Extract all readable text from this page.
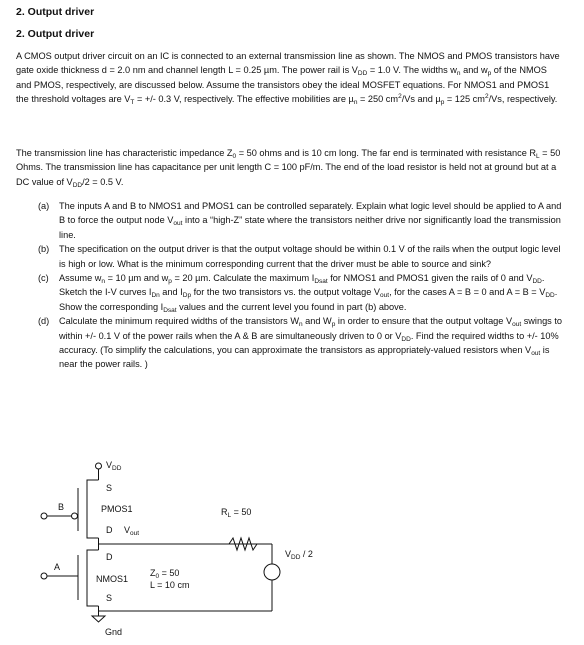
2. Output driver
2. Output driver
A CMOS output driver circuit on an IC is connected to an external transmission line as shown. The NMOS and PMOS transistors have gate oxide thickness d = 2.0 nm and channel length L = 0.25 µm. The power rail is $V_{DD} = 1.0$ V. The widths $w_n$ and $w_p$ of the NMOS and PMOS, respectively, are discussed below. Assume the transistors obey the ideal MOSFET equations. For NMOS1 and PMOS1 the threshold voltages are $V_T$ = +/- 0.3 V, respectively. The effective mobilities are µ$_n$ = 250 $cm^2/Vs$ and µ$_p$ = 125 $cm^2/Vs$, respectively.
The transmission line has characteristic impedance $Z_0 = 50$ ohms and is 10 cm long. The far end is terminated with resistance $R_L = 50$ Ohms. The transmission line has capacitance per unit length C = 100 pF/m. The end of the load resistor is held not at ground but at a DC value of $V_{DD}/2 = 0.5$ V.
(a)	The inputs A and B to NMOS1 and PMOS1 can be controlled separately. Explain what logic level should be applied to A and B to force the output node $V_{out}$ into a “high-Z” state where the transistors neither drive nor significantly load the transmission line.
(b)	The specification on the output driver is that the output voltage should be within 0.1 V of the rails when the output logic level is high or low. What is the minimum corresponding current that the driver must be able to source and sink?
(c)	Assume $w_n = 10$ µm and $w_p = 20$ µm. Calculate the maximum $I_{Dsat}$ for NMOS1 and PMOS1 given the rails of 0 and $V_{DD}$. Sketch the I-V curves $I_{Dn}$ and $I_{Dp}$ for the two transistors vs. the output voltage $V_{out}$, for the cases A = B = 0 and $A = B = V_{DD}$. Show the corresponding $I_{Dsat}$ values and the current level you found in part (b) above.
(d)	Calculate the minimum required widths of the transistors $W_n$ and $W_p$ in order to ensure that the output voltage $V_{out}$ swings to within +/- 0.1 V of the power rails when the A & B are simultaneously driven to 0 or $V_{DD}$. Find the required widths to +/- 10% accuracy. (To simplify the calculations, you can approximate the transistors as appropriately-valued resistors when $V_{out}$ is near the power rails. )
$V_{DD}$
S
PMOS1
D $V_{out}$
B
D
NMOS1
S
A
Gnd
$Z_0 = 50$
L = 10 cm
$R_L = 50$
$V_{DD} / 2$
